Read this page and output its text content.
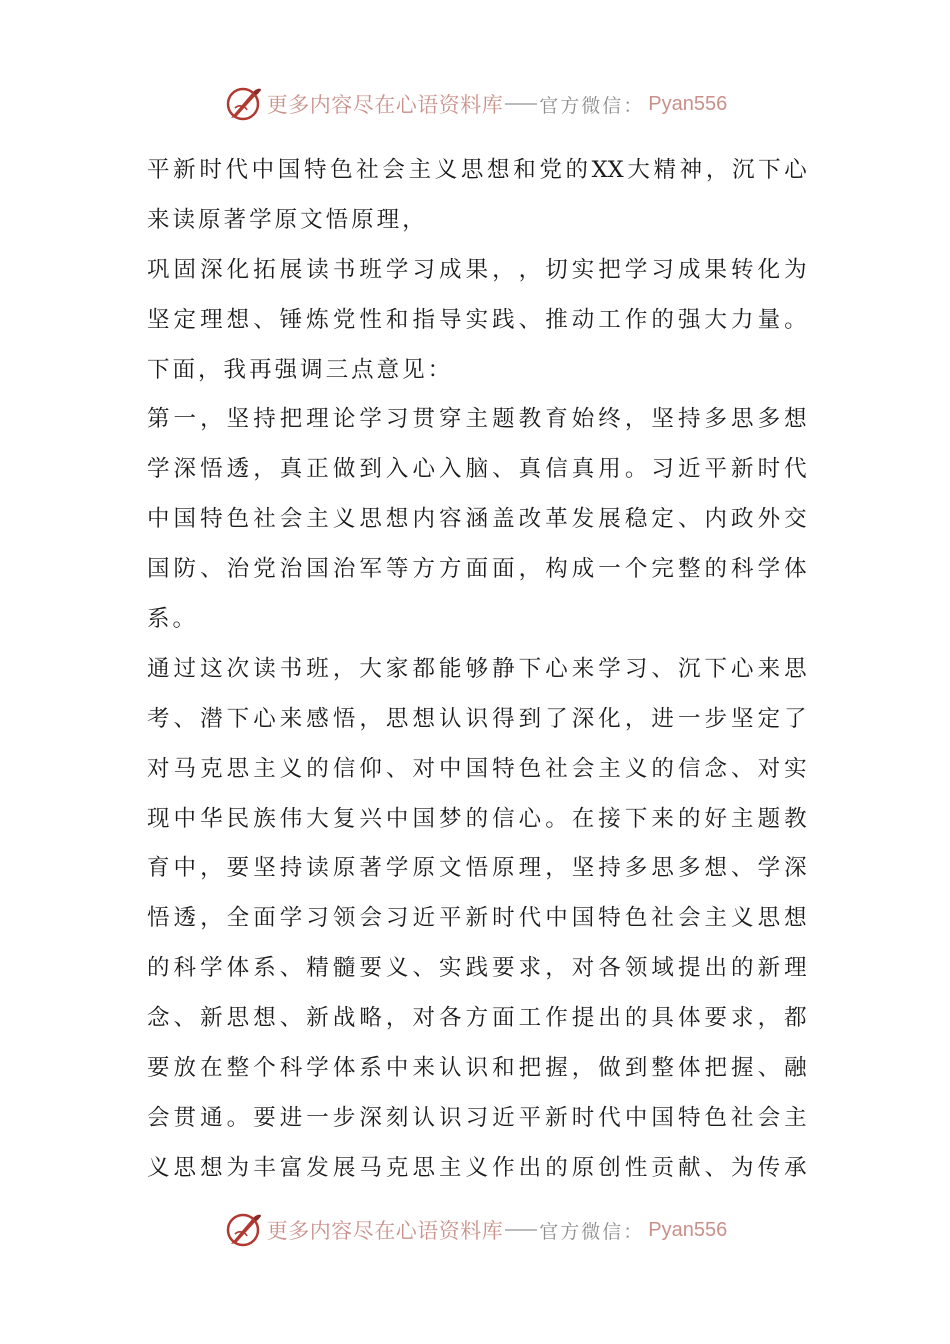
更多内容尽在心语资料库 官方微信： Pyan556
平 新 时 代 中 国 特 色 社 会 主 义 思 想 和 党 的 XX 大 精 神 ， 沉 下 心
来 读 原 著 学 原 文 悟 原 理 ，
巩 固 深 化 拓 展 读 书 班 学 习 成 果 ， ， 切 实 把 学 习 成 果 转 化 为
坚 定 理 想 、 锤 炼 党 性 和 指 导 实 践 、 推 动 工 作 的 强 大 力 量 。
下 面 ， 我 再 强 调 三 点 意 见 ：
第 一 ， 坚 持 把 理 论 学 习 贯 穿 主 题 教 育 始 终 ， 坚 持 多 思 多 想
学 深 悟 透 ， 真 正 做 到 入 心 入 脑 、 真 信 真 用 。 习 近 平 新 时 代
中 国 特 色 社 会 主 义 思 想 内 容 涵 盖 改 革 发 展 稳 定 、 内 政 外 交
国 防 、 治 党 治 国 治 军 等 方 方 面 面 ， 构 成 一 个 完 整 的 科 学 体
系 。
通 过 这 次 读 书 班 ， 大 家 都 能 够 静 下 心 来 学 习 、 沉 下 心 来 思
考 、 潜 下 心 来 感 悟 ， 思 想 认 识 得 到 了 深 化 ， 进 一 步 坚 定 了
对 马 克 思 主 义 的 信 仰 、 对 中 国 特 色 社 会 主 义 的 信 念 、 对 实
现 中 华 民 族 伟 大 复 兴 中 国 梦 的 信 心 。 在 接 下 来 的 好 主 题 教
育 中 ， 要 坚 持 读 原 著 学 原 文 悟 原 理 ， 坚 持 多 思 多 想 、 学 深
悟 透 ， 全 面 学 习 领 会 习 近 平 新 时 代 中 国 特 色 社 会 主 义 思 想
的 科 学 体 系 、 精 髓 要 义 、 实 践 要 求 ， 对 各 领 域 提 出 的 新 理
念 、 新 思 想 、 新 战 略 ， 对 各 方 面 工 作 提 出 的 具 体 要 求 ， 都
要 放 在 整 个 科 学 体 系 中 来 认 识 和 把 握 ， 做 到 整 体 把 握 、 融
会 贯 通 。 要 进 一 步 深 刻 认 识 习 近 平 新 时 代 中 国 特 色 社 会 主
义 思 想 为 丰 富 发 展 马 克 思 主 义 作 出 的 原 创 性 贡 献 、 为 传 承
更多内容尽在心语资料库 官方微信： Pyan556
